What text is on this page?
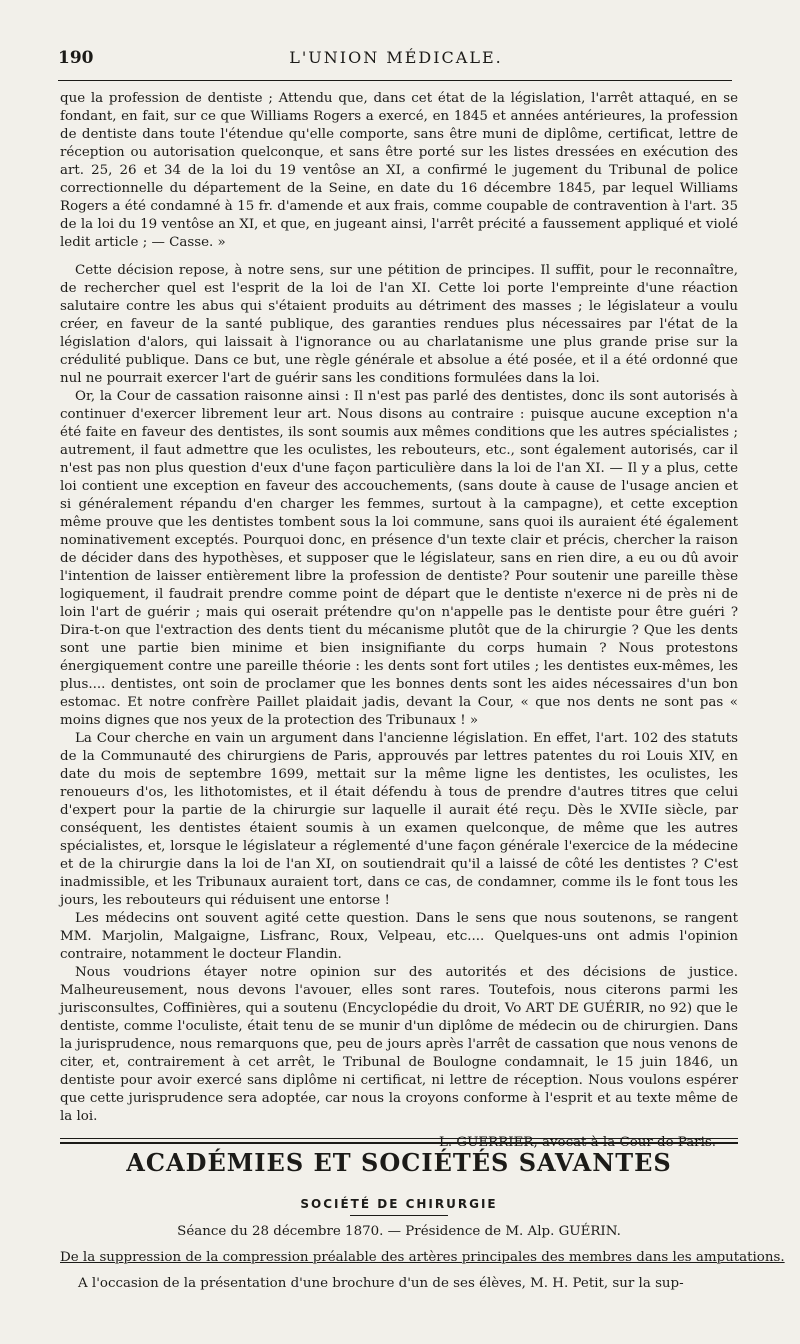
190	L'UNION MÉDICALE.

que la profession de dentiste ; Attendu que, dans cet état de la législation, l'arrêt attaqué, en se fondant, en fait, sur ce que Williams Rogers a exercé, en 1845 et années antérieures, la profession de dentiste dans toute l'étendue qu'elle comporte, sans être muni de diplôme, certificat, lettre de réception ou autorisation quelconque, et sans être porté sur les listes dressées en exécution des art. 25, 26 et 34 de la loi du 19 ventôse an XI, a confirmé le jugement du Tribunal de police correctionnelle du département de la Seine, en date du 16 décembre 1845, par lequel Williams Rogers a été condamné à 15 fr. d'amende et aux frais, comme coupable de contravention à l'art. 35 de la loi du 19 ventôse an XI, et que, en jugeant ainsi, l'arrêt précité a faussement appliqué et violé ledit article ; — Casse. »

Cette décision repose, à notre sens, sur une pétition de principes. Il suffit, pour le reconnaître, de rechercher quel est l'esprit de la loi de l'an XI. Cette loi porte l'empreinte d'une réaction salutaire contre les abus qui s'étaient produits au détriment des masses ; le législateur a voulu créer, en faveur de la santé publique, des garanties rendues plus nécessaires par l'état de la législation d'alors, qui laissait à l'ignorance ou au charlatanisme une plus grande prise sur la crédulité publique. Dans ce but, une règle générale et absolue a été posée, et il a été ordonné que nul ne pourrait exercer l'art de guérir sans les conditions formulées dans la loi.

Or, la Cour de cassation raisonne ainsi : Il n'est pas parlé des dentistes, donc ils sont autorisés à continuer d'exercer librement leur art. Nous disons au contraire : puisque aucune exception n'a été faite en faveur des dentistes, ils sont soumis aux mêmes conditions que les autres spécialistes ; autrement, il faut admettre que les oculistes, les rebouteurs, etc., sont également autorisés, car il n'est pas non plus question d'eux d'une façon particulière dans la loi de l'an XI. — Il y a plus, cette loi contient une exception en faveur des accouchements, (sans doute à cause de l'usage ancien et si généralement répandu d'en charger les femmes, surtout à la campagne), et cette exception même prouve que les dentistes tombent sous la loi commune, sans quoi ils auraient été également nominativement exceptés. Pourquoi donc, en présence d'un texte clair et précis, chercher la raison de décider dans des hypothèses, et supposer que le législateur, sans en rien dire, a eu ou dû avoir l'intention de laisser entièrement libre la profession de dentiste? Pour soutenir une pareille thèse logiquement, il faudrait prendre comme point de départ que le dentiste n'exerce ni de près ni de loin l'art de guérir ; mais qui oserait prétendre qu'on n'appelle pas le dentiste pour être guéri ? Dira-t-on que l'extraction des dents tient du mécanisme plutôt que de la chirurgie ? Que les dents sont une partie bien minime et bien insignifiante du corps humain ? Nous protestons énergiquement contre une pareille théorie : les dents sont fort utiles ; les dentistes eux-mêmes, les plus.... dentistes, ont soin de proclamer que les bonnes dents sont les aides nécessaires d'un bon estomac. Et notre confrère Paillet plaidait jadis, devant la Cour, « que nos dents ne sont pas « moins dignes que nos yeux de la protection des Tribunaux ! »

La Cour cherche en vain un argument dans l'ancienne législation. En effet, l'art. 102 des statuts de la Communauté des chirurgiens de Paris, approuvés par lettres patentes du roi Louis XIV, en date du mois de septembre 1699, mettait sur la même ligne les dentistes, les oculistes, les renoueurs d'os, les lithotomistes, et il était défendu à tous de prendre d'autres titres que celui d'expert pour la partie de la chirurgie sur laquelle il aurait été reçu. Dès le XVIIe siècle, par conséquent, les dentistes étaient soumis à un examen quelconque, de même que les autres spécialistes, et, lorsque le législateur a réglementé d'une façon générale l'exercice de la médecine et de la chirurgie dans la loi de l'an XI, on soutiendrait qu'il a laissé de côté les dentistes ? C'est inadmissible, et les Tribunaux auraient tort, dans ce cas, de condamner, comme ils le font tous les jours, les rebouteurs qui réduisent une entorse !

Les médecins ont souvent agité cette question. Dans le sens que nous soutenons, se rangent MM. Marjolin, Malgaigne, Lisfranc, Roux, Velpeau, etc.... Quelques-uns ont admis l'opinion contraire, notamment le docteur Flandin.

Nous voudrions étayer notre opinion sur des autorités et des décisions de justice. Malheureusement, nous devons l'avouer, elles sont rares. Toutefois, nous citerons parmi les jurisconsultes, Coffinières, qui a soutenu (Encyclopédie du droit, Vo ART DE GUÉRIR, no 92) que le dentiste, comme l'oculiste, était tenu de se munir d'un diplôme de médecin ou de chirurgien. Dans la jurisprudence, nous remarquons que, peu de jours après l'arrêt de cassation que nous venons de citer, et, contrairement à cet arrêt, le Tribunal de Boulogne condamnait, le 15 juin 1846, un dentiste pour avoir exercé sans diplôme ni certificat, ni lettre de réception. Nous voulons espérer que cette jurisprudence sera adoptée, car nous la croyons conforme à l'esprit et au texte même de la loi.

L. GUERRIER, avocat à la Cour de Paris.

ACADÉMIES ET SOCIÉTÉS SAVANTES
SOCIÉTÉ DE CHIRURGIE
Séance du 28 décembre 1870. — Présidence de M. Alp. GUÉRIN.
De la suppression de la compression préalable des artères principales des membres dans les amputations.
A l'occasion de la présentation d'une brochure d'un de ses élèves, M. H. Petit, sur la sup-
